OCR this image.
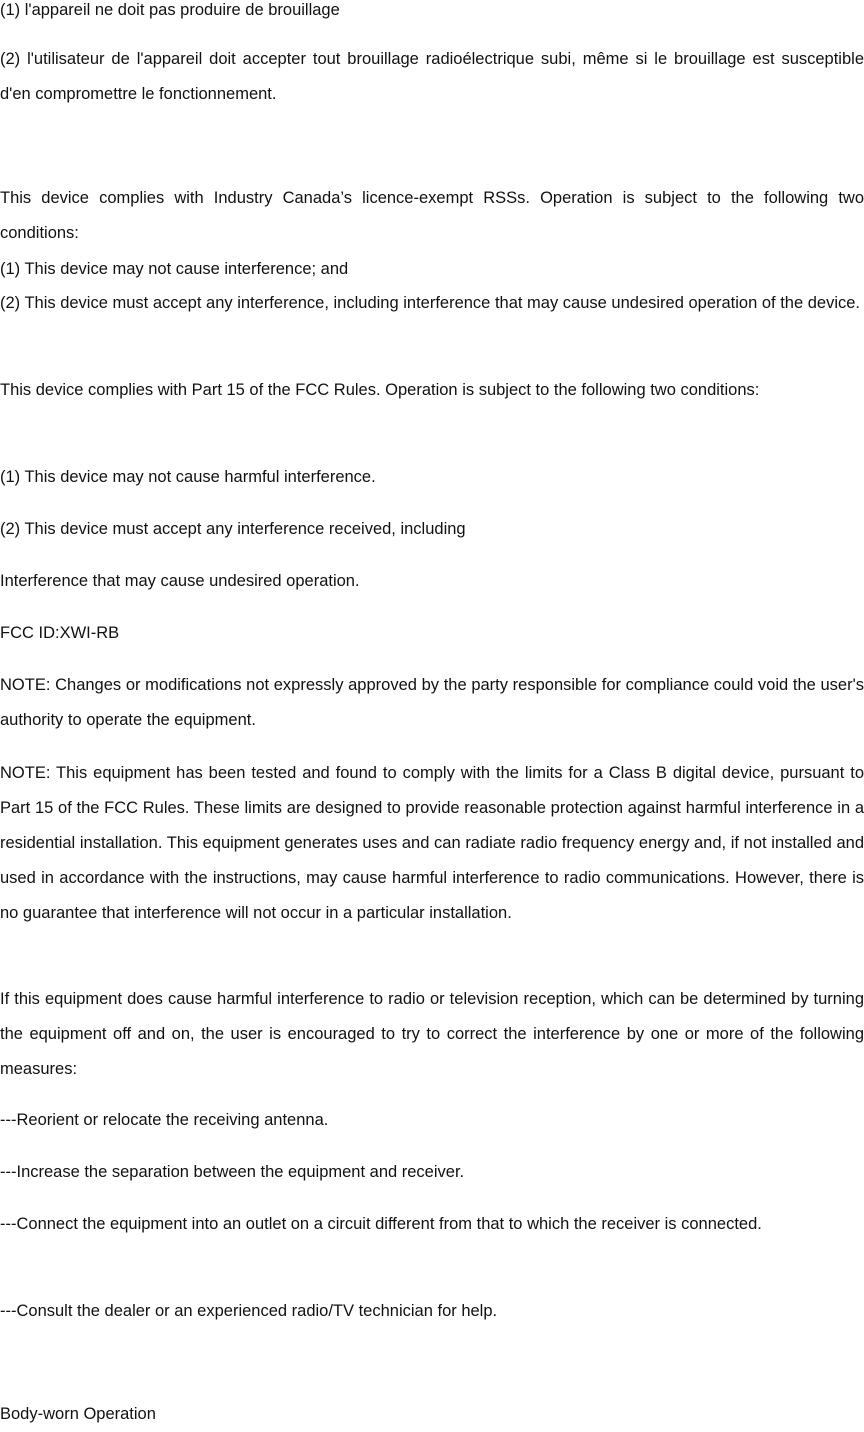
(1) l'appareil ne doit pas produire de brouillage

(2) l'utilisateur de l'appareil doit accepter tout brouillage radioélectrique subi, même si le brouillage est susceptible d'en compromettre le fonctionnement.

This device complies with Industry Canada’s licence-exempt RSSs. Operation is subject to the following two conditions:

(1) This device may not cause interference; and

(2) This device must accept any interference, including interference that may cause undesired operation of the device.

This device complies with Part 15 of the FCC Rules. Operation is subject to the following two conditions:

(1) This device may not cause harmful interference.

(2) This device must accept any interference received, including

Interference that may cause undesired operation.

FCC ID:XWI-RB

NOTE: Changes or modifications not expressly approved by the party responsible for compliance could void the user's authority to operate the equipment.

NOTE: This equipment has been tested and found to comply with the limits for a Class B digital device, pursuant to Part 15 of the FCC Rules. These limits are designed to provide reasonable protection against harmful interference in a residential installation. This equipment generates uses and can radiate radio frequency energy and, if not installed and used in accordance with the instructions, may cause harmful interference to radio communications. However, there is no guarantee that interference will not occur in a particular installation.

If this equipment does cause harmful interference to radio or television reception, which can be determined by turning the equipment off and on, the user is encouraged to try to correct the interference by one or more of the following measures:

---Reorient or relocate the receiving antenna.

---Increase the separation between the equipment and receiver.

---Connect the equipment into an outlet on a circuit different from that to which the receiver is connected.

---Consult the dealer or an experienced radio/TV technician for help.

Body-worn Operation
